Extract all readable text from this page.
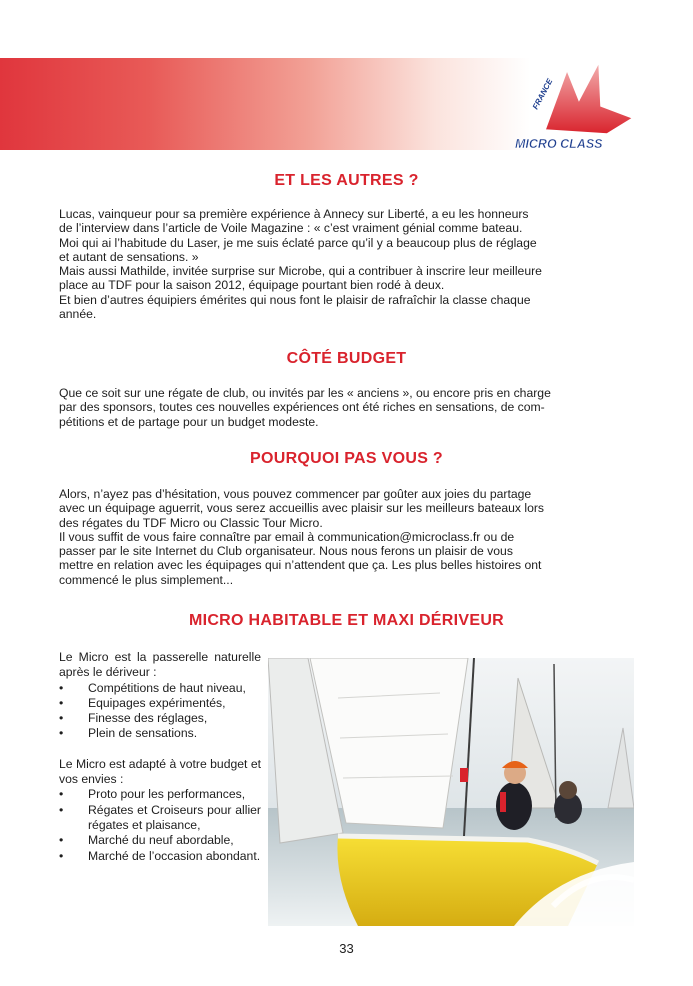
FRANCE
MICRO CLASS
ET LES AUTRES ?
Lucas, vainqueur pour sa première expérience à Annecy sur Liberté, a eu les honneurs
de l’interview dans l’article de Voile Magazine : « c’est vraiment génial comme bateau.
Moi qui ai l’habitude du Laser, je me suis éclaté parce qu’il y a beaucoup plus de réglage
et autant de sensations. »
Mais aussi Mathilde, invitée surprise sur Microbe, qui a contribuer à inscrire leur meilleure
place au TDF pour la saison 2012, équipage pourtant bien rodé à deux.
Et bien d’autres équipiers émérites qui nous font le plaisir de rafraîchir la classe chaque
année.
CÔTÉ BUDGET
Que ce soit sur une régate de club, ou invités par les « anciens », ou encore pris en charge
par des sponsors, toutes ces nouvelles expériences ont été riches en sensations, de com-
pétitions et de partage pour un budget modeste.
POURQUOI PAS VOUS ?
Alors, n’ayez pas d’hésitation, vous pouvez commencer par goûter aux joies du partage
avec un équipage aguerrit, vous serez accueillis avec plaisir sur les meilleurs bateaux lors
des régates du TDF Micro ou Classic Tour Micro.
Il vous suffit de vous faire connaître par email à communication@microclass.fr ou de
passer par le site Internet du Club organisateur. Nous nous ferons un plaisir de vous
mettre en relation avec les équipages qui n’attendent que ça. Les plus belles histoires ont
commencé le plus simplement...
MICRO HABITABLE ET MAXI DÉRIVEUR

Le Micro est la passerelle naturelle après le dériveur :

• Compétitions de haut niveau,
• Equipages expérimentés,
• Finesse des réglages,
• Plein de sensations.

Le Micro est adapté à votre budget et vos envies :

• Proto pour les performances,
• Régates et Croiseurs pour allier régates et plaisance,
• Marché du neuf abordable,
• Marché de l’occasion abondant.
33
